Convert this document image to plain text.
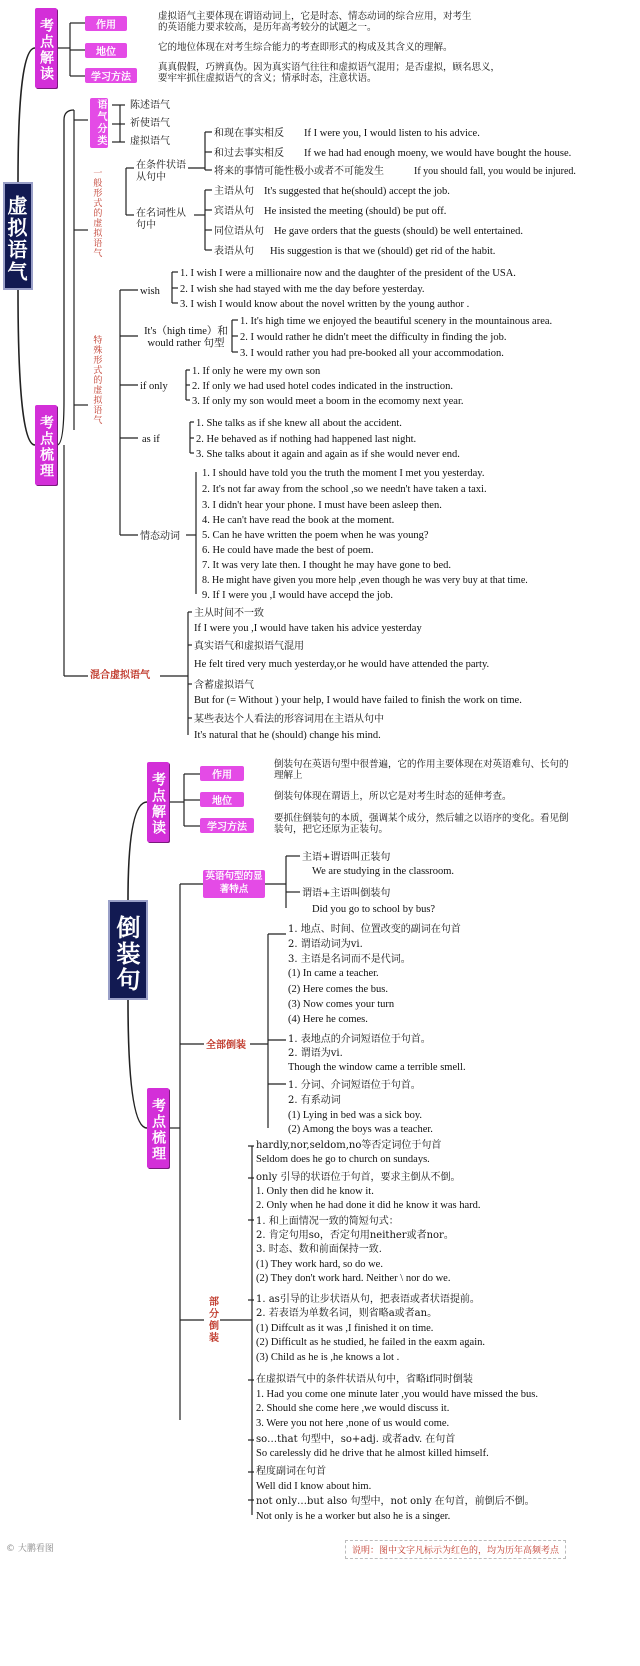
虚拟语气
考点解读	作用
地位
学习方法
虚拟语气主要体现在谓语动词上，它是时态、情态动词的综合应用，对考生的英语能力要求较高，是历年高考较分的试题之一。
它的地位体现在对考生综合能力的考查即形式的构成及其含义的理解。
真真假假，巧辨真伪。因为真实语气往往和虚拟语气混用；是否虚拟，顾名思义，要牢牢抓住虚拟语气的含义；情承时态，注意状语。
考点梳理
语气分类 陈述语气
祈使语气
虚拟语气
一般形式的虚拟语气
在条件状语从句中
和现在事实相反 If I were you, I would listen to his advice.
和过去事实相反 If we had had enough moeny, we would have bought the house.
将来的事情可能性极小或者不可能发生	If you should fall, you would be injured.
在名词性从句中
主语从句 It's suggested that he(should) accept the job.
宾语从句 He insisted the meeting (should) be put off.
同位语从句 He gave orders that the guests (should) be well entertained.
表语从句 His suggestion is that we (should) get rid of the habit.
特殊形式的虚拟语气
wish
1. I wish I were a millionaire now and the daughter of the president of the USA.
2. I wish she had stayed with me the day before yesterday.
3. I wish I would know about the novel written by the young author .
It's（high time）和 would rather 句型
1. It's high time we enjoyed the beautiful scenery in the mountainous area.
2. I would rather he didn't meet the difficulty in finding the job.
3. I would rather you had pre-booked all your accommodation.
if only
1. If only he were my own son
2. If only we had used hotel codes indicated in the instruction.
3. If only my son would meet a boom in the ecomomy next year.
as if
1. She talks as if she knew all about the accident.
2. He behaved as if nothing had happened last night.
3. She talks about it again and again as if she would never end.
情态动词
1. I should have told you the truth the moment I met you yesterday.
2. It's not far away from the school ,so we needn't have taken a taxi.
3. I didn't hear your phone. I must have been asleep then.
4. He can't have read the book at the moment.
5. Can he have written the poem when he was young?
6. He could have made the best of poem.
7. It was very late then. I thought he may have gone to bed.
8. He might have given you more help ,even though he was very buy at that time.
9. If I were you ,I would have accepd the job.
混合虚拟语气
主从时间不一致
If I were you ,I would have taken his advice yesterday
真实语气和虚拟语气混用
He felt tired very much yesterday,or he would have attended the party.
含蓄虚拟语气
But for (= Without ) your help, I would have failed to finish the work on time.
某些表达个人看法的形容词用在主语从句中
It's natural that he (should) change his mind.
倒装句
考点解读	作用
地位
学习方法
倒装句在英语句型中很普遍，它的作用主要体现在对英语难句、长句的理解上
倒装句体现在谓语上，所以它是对考生时态的延伸考查。
要抓住倒装句的本质，强调某个成分，然后辅之以语序的变化。看见倒装句，把它还原为正装句。
考点梳理
英语句型的显著特点
主语+谓语叫正装句
We are studying in the classroom.
谓语+主语叫倒装句
Did you go to school by bus?
全部倒装
1. 地点、时间、位置改变的副词在句首
2. 谓语动词为vi.
3. 主语是名词而不是代词。
(1) In came a teacher.
(2) Here comes the bus.
(3) Now comes your turn
(4) Here he comes.
1. 表地点的介词短语位于句首。
2. 谓语为vi.
Though the window came a terrible smell.
1. 分词、介词短语位于句首。
2. 有系动词
(1) Lying in bed was a sick boy.
(2) Among the boys was a teacher.
部分倒装
hardly,nor,seldom,no等否定词位于句首
Seldom does he go to church on sundays.
only 引导的状语位于句首，要求主倒从不倒。
1. Only then did he know it.
2. Only when he had done it did he know it was hard.
1. 和上面情况一致的简短句式：
2. 肯定句用so，否定句用neither或者nor。
3. 时态、数和前面保持一致.
(1) They work hard, so do we.
(2) They don't work hard. Neither \ nor do we.
1. as引导的让步状语从句，把表语或者状语提前。
2. 若表语为单数名词，则省略a或者an。
(1) Diffcult as it was ,I finished it on time.
(2) Difficult as he studied, he failed in the eaxm again.
(3) Child as he is ,he knows a lot .
在虚拟语气中的条件状语从句中，省略if同时倒装
1. Had you come one minute later ,you would have missed the bus.
2. Should she come here ,we would discuss it.
3. Were you not here ,none of us would come.
so…that 句型中，so+adj. 或者adv. 在句首
So carelessly did he drive that he almost killed himself.
程度副词在句首
Well did I know about him.
not only…but also 句型中，not only 在句首，前倒后不倒。
Not only is he a worker but also he is a singer.
说明：图中文字凡标示为红色的，均为历年高频考点
© 大鹏看图
